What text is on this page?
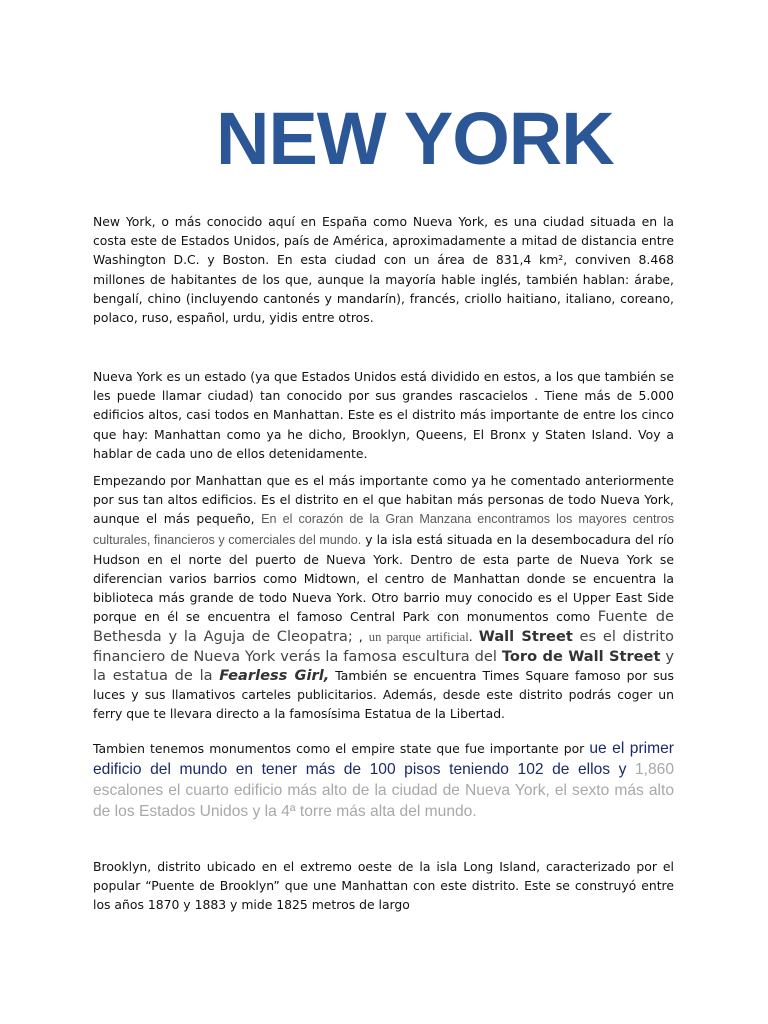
NEW YORK

New York, o más conocido aquí en España como Nueva York, es una ciudad situada en la costa este de Estados Unidos, país de América, aproximadamente a mitad de distancia entre Washington D.C. y Boston. En esta ciudad con un área de 831,4 km², conviven 8.468 millones de habitantes de los que, aunque la mayoría hable inglés, también hablan: árabe, bengalí, chino (incluyendo cantonés y mandarín), francés, criollo haitiano, italiano, coreano, polaco, ruso, español, urdu, yidis entre otros.

Nueva York es un estado (ya que Estados Unidos está dividido en estos, a los que también se les puede llamar ciudad) tan conocido por sus grandes rascacielos . Tiene más de 5.000 edificios altos, casi todos en Manhattan. Este es el distrito más importante de entre los cinco que hay: Manhattan como ya he dicho, Brooklyn, Queens, El Bronx y Staten Island. Voy a hablar de cada uno de ellos detenidamente.

Empezando por Manhattan que es el más importante como ya he comentado anteriormente por sus tan altos edificios. Es el distrito en el que habitan más personas de todo Nueva York, aunque el más pequeño, En el corazón de la Gran Manzana encontramos los mayores centros culturales, financieros y comerciales del mundo. y la isla está situada en la desembocadura del río Hudson en el norte del puerto de Nueva York. Dentro de esta parte de Nueva York se diferencian varios barrios como Midtown, el centro de Manhattan donde se encuentra la biblioteca más grande de todo Nueva York. Otro barrio muy conocido es el Upper East Side porque en él se encuentra el famoso Central Park con monumentos como Fuente de Bethesda y la Aguja de Cleopatra; , un parque artificial. Wall Street es el distrito financiero de Nueva York verás la famosa escultura del Toro de Wall Street y la estatua de la Fearless Girl, También se encuentra Times Square famoso por sus luces y sus llamativos carteles publicitarios. Además, desde este distrito podrás coger un ferry que te llevara directo a la famosísima Estatua de la Libertad.

Tambien tenemos monumentos como el empire state que fue importante por ue el primer edificio del mundo en tener más de 100 pisos teniendo 102 de ellos y 1,860 escalones el cuarto edificio más alto de la ciudad de Nueva York, el sexto más alto de los Estados Unidos y la 4ª torre más alta del mundo.

Brooklyn, distrito ubicado en el extremo oeste de la isla Long Island, caracterizado por el popular “Puente de Brooklyn” que une Manhattan con este distrito. Este se construyó entre los años 1870 y 1883 y mide 1825 metros de largo
